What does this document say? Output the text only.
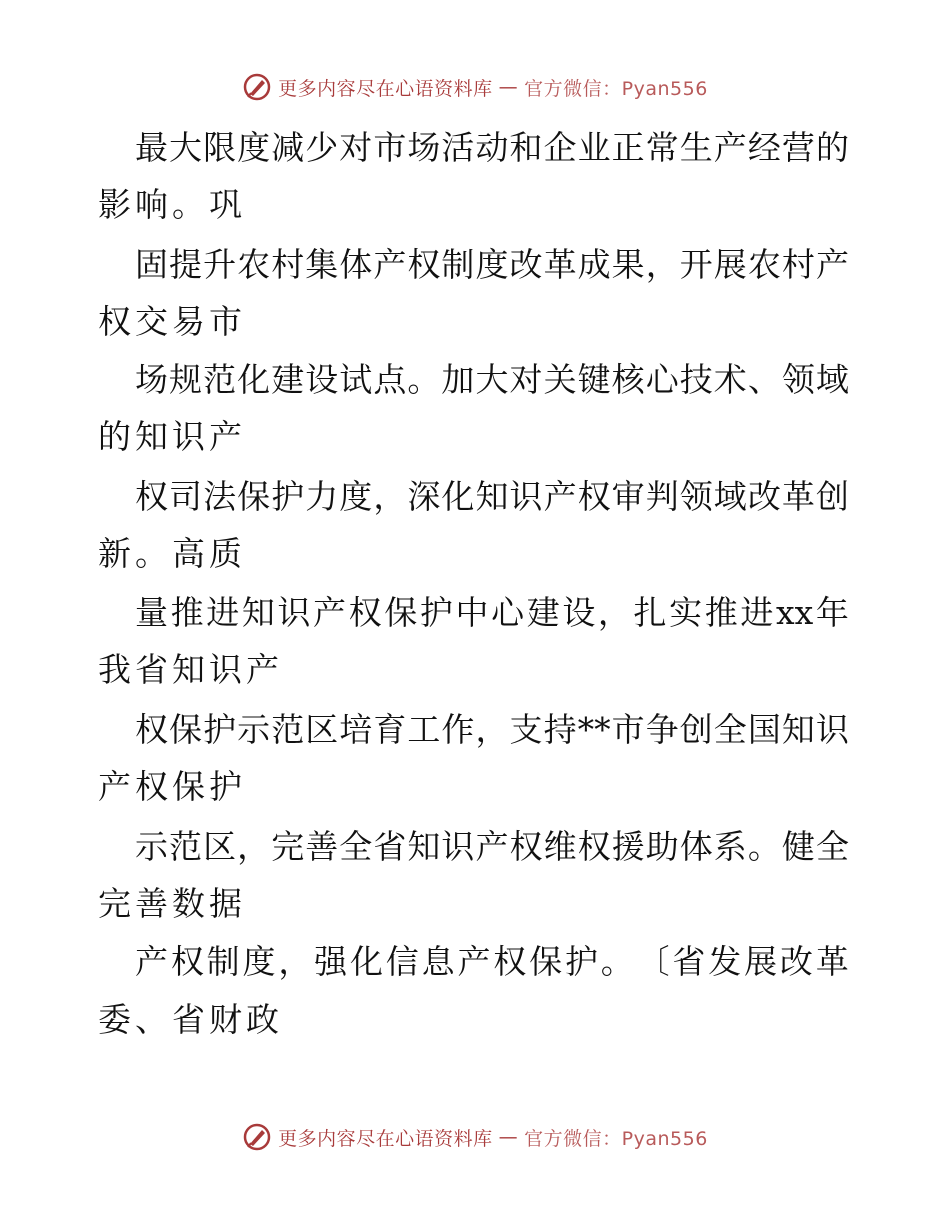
更多内容尽在心语资料库 — 官方微信：Pyan556
最 大 限 度 减 少 对 市 场 活 动 和 企 业 正 常 生 产 经 营 的
影响。巩
固 提 升 农 村 集 体 产 权 制 度 改 革 成 果 ， 开 展 农 村 产
权交易市
场 规 范 化 建 设 试 点 。 加 大 对 关 键 核 心 技 术 、 领 域
的知识产
权 司 法 保 护 力 度 ， 深 化 知 识 产 权 审 判 领 域 改 革 创
新。高质
量 推 进 知 识 产 权 保 护 中 心 建 设 ， 扎 实 推 进 xx 年
我省知识产
权 保 护 示 范 区 培 育 工 作 ， 支 持 ** 市 争 创 全 国 知 识
产权保护
示 范 区 ， 完 善 全 省 知 识 产 权 维 权 援 助 体 系 。 健 全
完善数据
产 权 制 度 ， 强 化 信 息 产 权 保 护 。 〔 省 发 展 改 革
委、省财政
更多内容尽在心语资料库 — 官方微信：Pyan556
